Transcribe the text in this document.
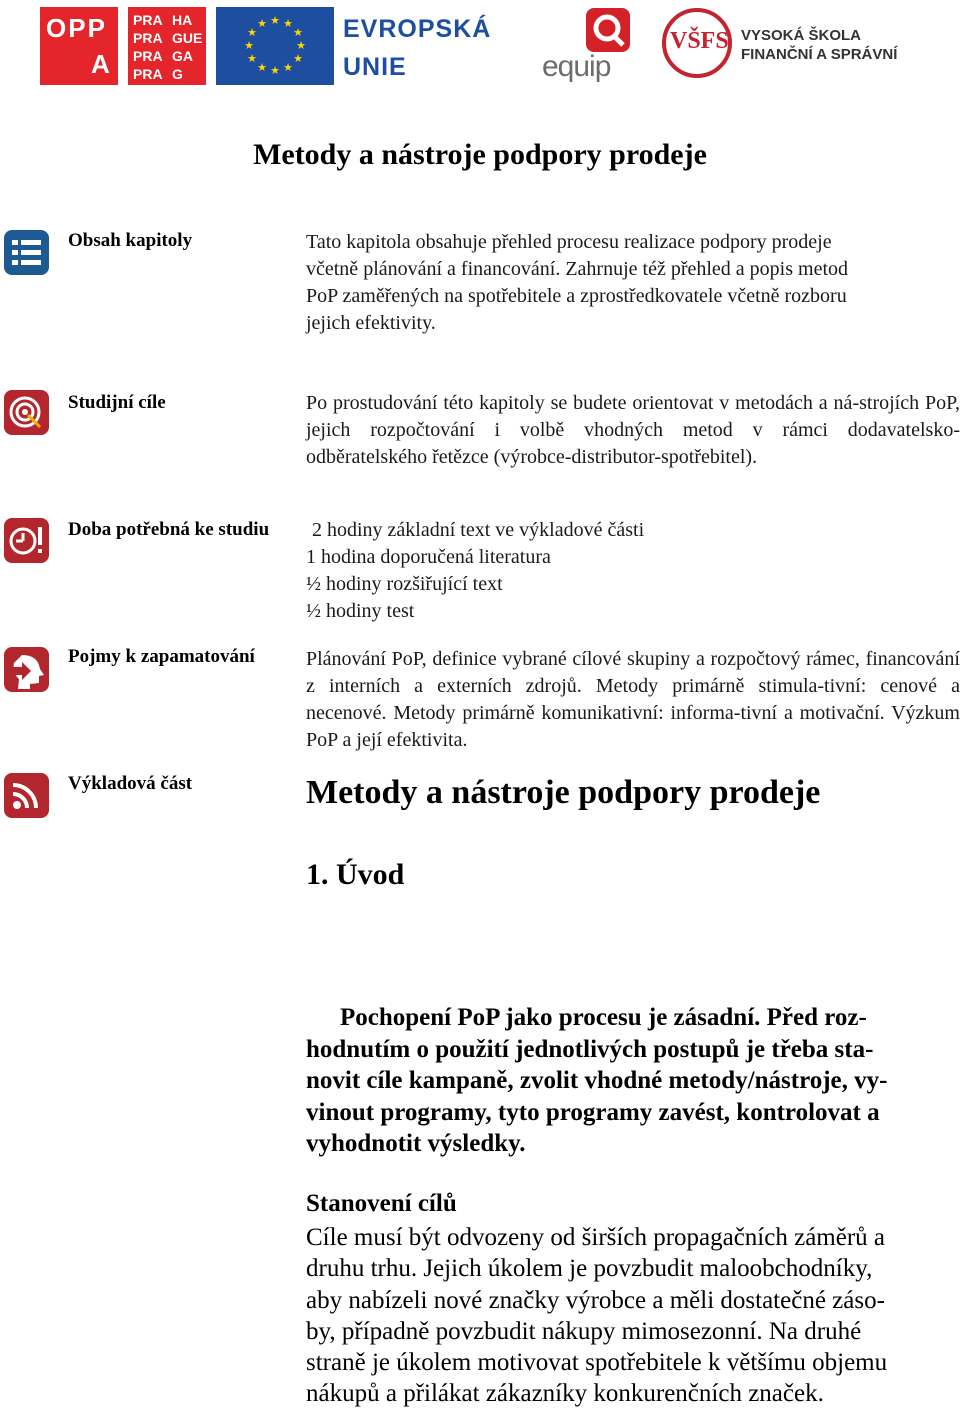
OPP
A
PRA HA
PRA GUE
PRA GA
PRA G
★ ★
★
★
★
★
★
★
★
★
★
★	EVROPSKÁ
UNIE	equip
VŠFS VYSOKÁ ŠKOLA
FINANČNÍ A SPRÁVNÍ
Metody a nástroje podpory prodeje
Obsah kapitoly	Tato kapitola obsahuje přehled procesu realizace podpory prodeje
včetně plánování a financování. Zahrnuje též přehled a popis metod
PoP zaměřených na spotřebitele a zprostředkovatele včetně rozboru
jejich efektivity.
Studijní cíle	Po prostudování této kapitoly se budete orientovat v metodách a ná-strojích PoP, jejich rozpočtování i volbě vhodných metod v rámci dodavatelsko-odběratelského řetězce (výrobce-distributor-spotřebitel).
Doba potřebná ke studiu	2 hodiny základní text ve výkladové části
1 hodina doporučená literatura
½ hodiny rozšiřující text
½ hodiny test
Pojmy k zapamatování	Plánování PoP, definice vybrané cílové skupiny a rozpočtový rámec, financování z interních a externích zdrojů. Metody primárně stimula-tivní: cenové a necenové. Metody primárně komunikativní: informa-tivní a motivační. Výzkum PoP a její efektivita.
Výkladová část	Metody a nástroje podpory prodeje
1. Úvod
Pochopení PoP jako procesu je zásadní. Před roz-
hodnutím o použití jednotlivých postupů je třeba sta-
novit cíle kampaně, zvolit vhodné metody/nástroje, vy-
vinout programy, tyto programy zavést, kontrolovat a
vyhodnotit výsledky.
Stanovení cílů
Cíle musí být odvozeny od širších propagačních záměrů a
druhu trhu. Jejich úkolem je povzbudit maloobchodníky,
aby nabízeli nové značky výrobce a měli dostatečné záso-
by, případně povzbudit nákupy mimosezonní. Na druhé
straně je úkolem motivovat spotřebitele k většímu objemu
nákupů a přilákat zákazníky konkurenčních značek.
